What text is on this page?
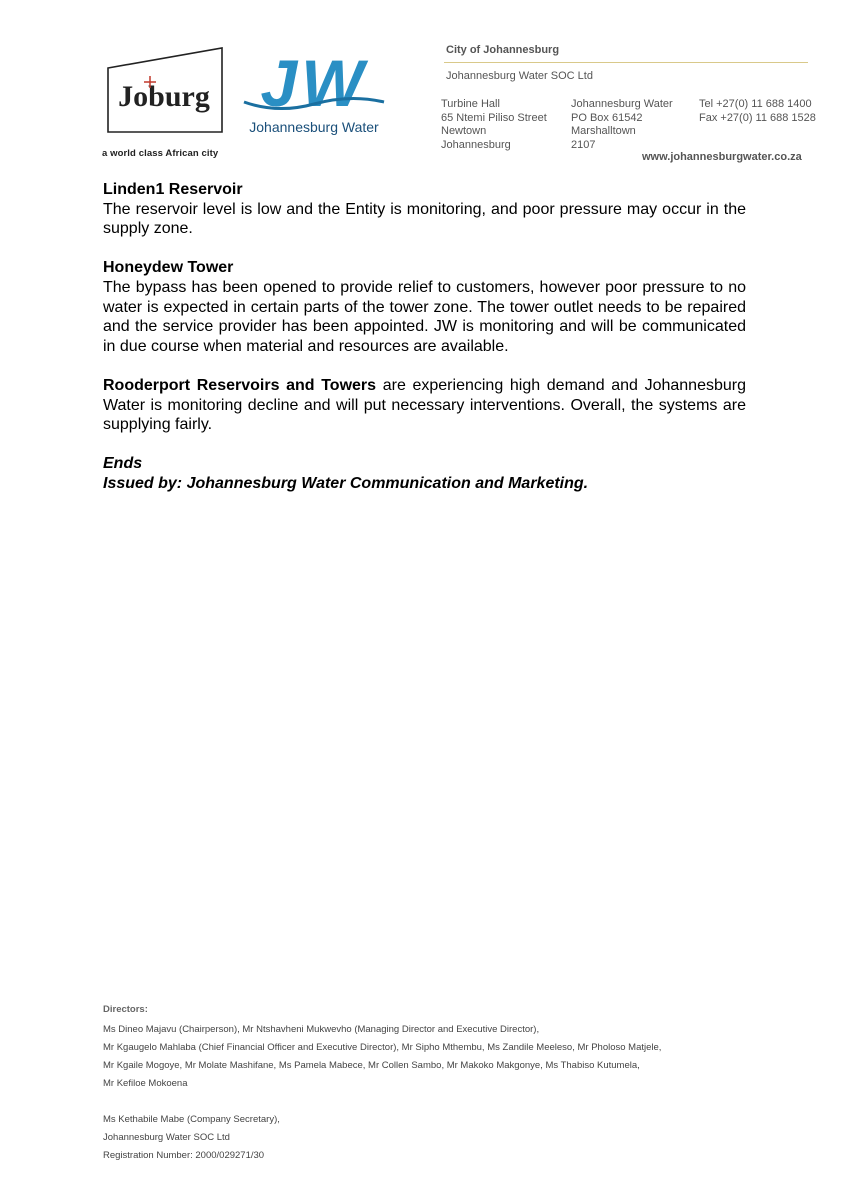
Joburg
a world class African city
JW
Johannesburg Water
City of Johannesburg
Johannesburg Water SOC Ltd
Turbine Hall
65 Ntemi Piliso Street
Newtown
Johannesburg
Johannesburg Water
PO Box 61542
Marshalltown
2107
Tel +27(0) 11 688 1400
Fax +27(0) 11 688 1528
www.johannesburgwater.co.za

Linden1 Reservoir

The reservoir level is low and the Entity is monitoring, and poor pressure may occur in the supply zone.

Honeydew Tower

The bypass has been opened to provide relief to customers, however poor pressure to no water is expected in certain parts of the tower zone. The tower outlet needs to be repaired and the service provider has been appointed. JW is monitoring and will be communicated in due course when material and resources are available.

Rooderport Reservoirs and Towers are experiencing high demand and Johannesburg Water is monitoring decline and will put necessary interventions. Overall, the systems are supplying fairly.

Ends

Issued by: Johannesburg Water Communication and Marketing.

Directors:
Ms Dineo Majavu (Chairperson), Mr Ntshavheni Mukwevho (Managing Director and Executive Director),
Mr Kgaugelo Mahlaba (Chief Financial Officer and Executive Director), Mr Sipho Mthembu, Ms Zandile Meeleso, Mr Pholoso Matjele,
Mr Kgaile Mogoye, Mr Molate Mashifane, Ms Pamela Mabece, Mr Collen Sambo, Mr Makoko Makgonye, Ms Thabiso Kutumela,
Mr Kefiloe Mokoena
Ms Kethabile Mabe (Company Secretary),
Johannesburg Water SOC Ltd
Registration Number: 2000/029271/30
